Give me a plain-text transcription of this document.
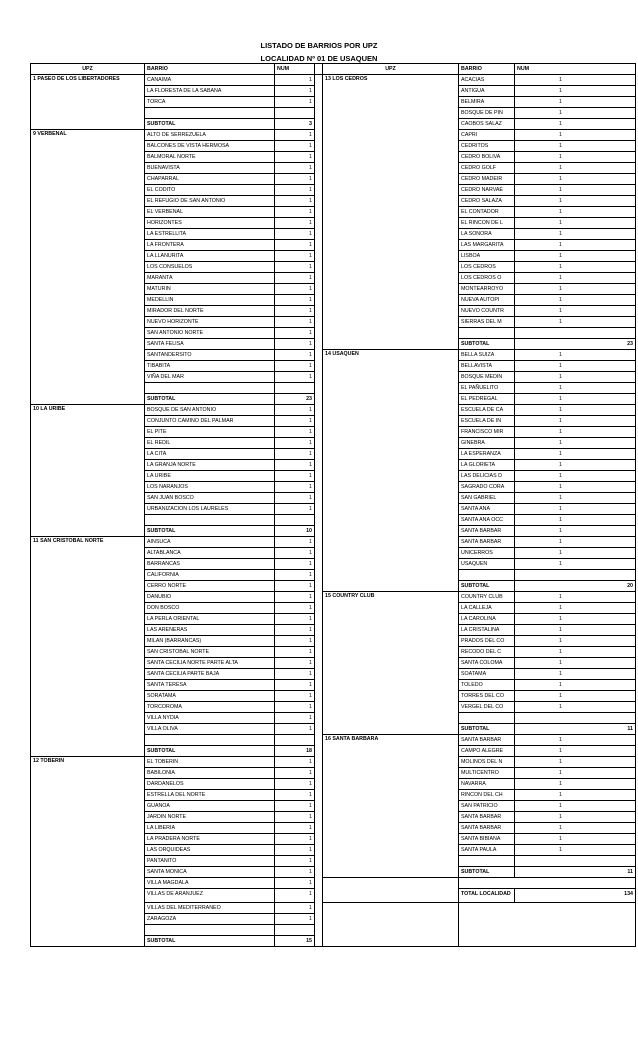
LISTADO DE BARRIOS POR UPZ
LOCALIDAD Nº 01 DE USAQUEN
UPZ	BARRIO	NUM		UPZ	BARRIO	NUM
1 PASEO DE LOS LIBERTADORES	CANAIMA	1		13 LOS CEDROS	ACACIAS	1
	LA FLORESTA DE LA SABANA	1			ANTIGUA	1
	TORCA	1			BELMIRA	1
					BOSQUE DE PIN	1
	SUBTOTAL	3			CAOBOS SALAZ	1
9 VERBENAL	ALTO DE SERREZUELA	1			CAPRI	1
	BALCONES DE VISTA HERMOSA	1			CEDRITOS	1
	BALMORAL NORTE	1			CEDRO BOLIVA	1
	BUENAVISTA	1			CEDRO GOLF	1
	CHAPARRAL	1			CEDRO MADEIR	1
	EL CODITO	1			CEDRO NARVAE	1
	EL REFUGIO DE SAN ANTONIO	1			CEDRO SALAZA	1
	EL VERBENAL	1			EL CONTADOR	1
	HORIZONTES	1			EL RINCON DE L	1
	LA ESTRELLITA	1			LA SONORA	1
	LA FRONTERA	1			LAS MARGARITA	1
	LA LLANURITA	1			LISBOA	1
	LOS CONSUELOS	1			LOS CEDROS	1
	MARANTA	1			LOS CEDROS O	1
	MATURIN	1			MONTEARROYO	1
	MEDELLIN	1			NUEVA AUTOPI	1
	MIRADOR DEL NORTE	1			NUEVO COUNTR	1
	NUEVO HORIZONTE	1			SIERRAS DEL M	1
	SAN ANTONIO NORTE	1				
	SANTA FELISA	1			SUBTOTAL	23
	SANTANDERSITO	1		14 USAQUEN	BELLA SUIZA	1
	TIBABITA	1			BELLAVISTA	1
	VIÑA DEL MAR	1			BOSQUE MEDIN	1
					EL PAÑUELITO	1
	SUBTOTAL	23			EL PEDREGAL	1
10 LA URIBE	BOSQUE DE SAN ANTONIO	1			ESCUELA DE CA	1
	CONJUNTO CAMINO DEL PALMAR	1			ESCUELA DE IN	1
	EL PITE	1			FRANCISCO MIR	1
	EL REDIL	1			GINEBRA	1
	LA CITA	1			LA ESPERANZA	1
	LA GRANJA NORTE	1			LA GLORIETA	1
	LA URIBE	1			LAS DELICIAS D	1
	LOS NARANJOS	1			SAGRADO CORA	1
	SAN JUAN BOSCO	1			SAN GABRIEL	1
	URBANIZACION LOS LAURELES	1			SANTA ANA	1
					SANTA ANA OCC	1
	SUBTOTAL	10			SANTA BARBAR	1
11 SAN CRISTOBAL NORTE	AINSUCA	1			SANTA BARBAR	1
	ALTABLANCA	1			UNICERROS	1
	BARRANCAS	1			USAQUEN	1
	CALIFORNIA	1				
	CERRO NORTE	1			SUBTOTAL	20
	DANUBIO	1		15 COUNTRY CLUB	COUNTRY CLUB	1
	DON BOSCO	1			LA CALLEJA	1
	LA PERLA ORIENTAL	1			LA CAROLINA	1
	LAS ARENERAS	1			LA CRISTALINA	1
	MILAN (BARRANCAS)	1			PRADOS DEL CO	1
	SAN CRISTOBAL NORTE	1			RECODO DEL C	1
	SANTA CECILIA NORTE PARTE ALTA	1			SANTA COLOMA	1
	SANTA CECILIA PARTE BAJA	1			SOATAMA	1
	SANTA TERESA	1			TOLEDO	1
	SORATAMA	1			TORRES DEL CO	1
	TORCOROMA	1			VERGEL DEL CO	1
	VILLA NYDIA	1				
	VILLA OLIVA	1			SUBTOTAL	11
				16 SANTA BARBARA	SANTA BARBAR	1
	SUBTOTAL	18			CAMPO ALEGRE	1
12 TOBERIN	EL TOBERIN	1			MOLINOS DEL N	1
	BABILONIA	1			MULTICENTRO	1
	DARDANELOS	1			NAVARRA	1
	ESTRELLA DEL NORTE	1			RINCON DEL CH	1
	GUANOA	1			SAN PATRICIO	1
	JARDIN NORTE	1			SANTA BARBAR	1
	LA LIBERIA	1			SANTA BARBAR	1
	LA PRADERA NORTE	1			SANTA BIBIANA	1
	LAS ORQUIDEAS	1			SANTA PAULA	1
	PANTANITO	1				
	SANTA MONICA	1			SUBTOTAL	11
	VILLA MAGDALA	1				
	VILLAS DE ARANJUEZ	1			TOTAL LOCALIDAD	134
	VILLAS DEL MEDITERRANEO	1				
	ZARAGOZA	1				

	SUBTOTAL	15				
